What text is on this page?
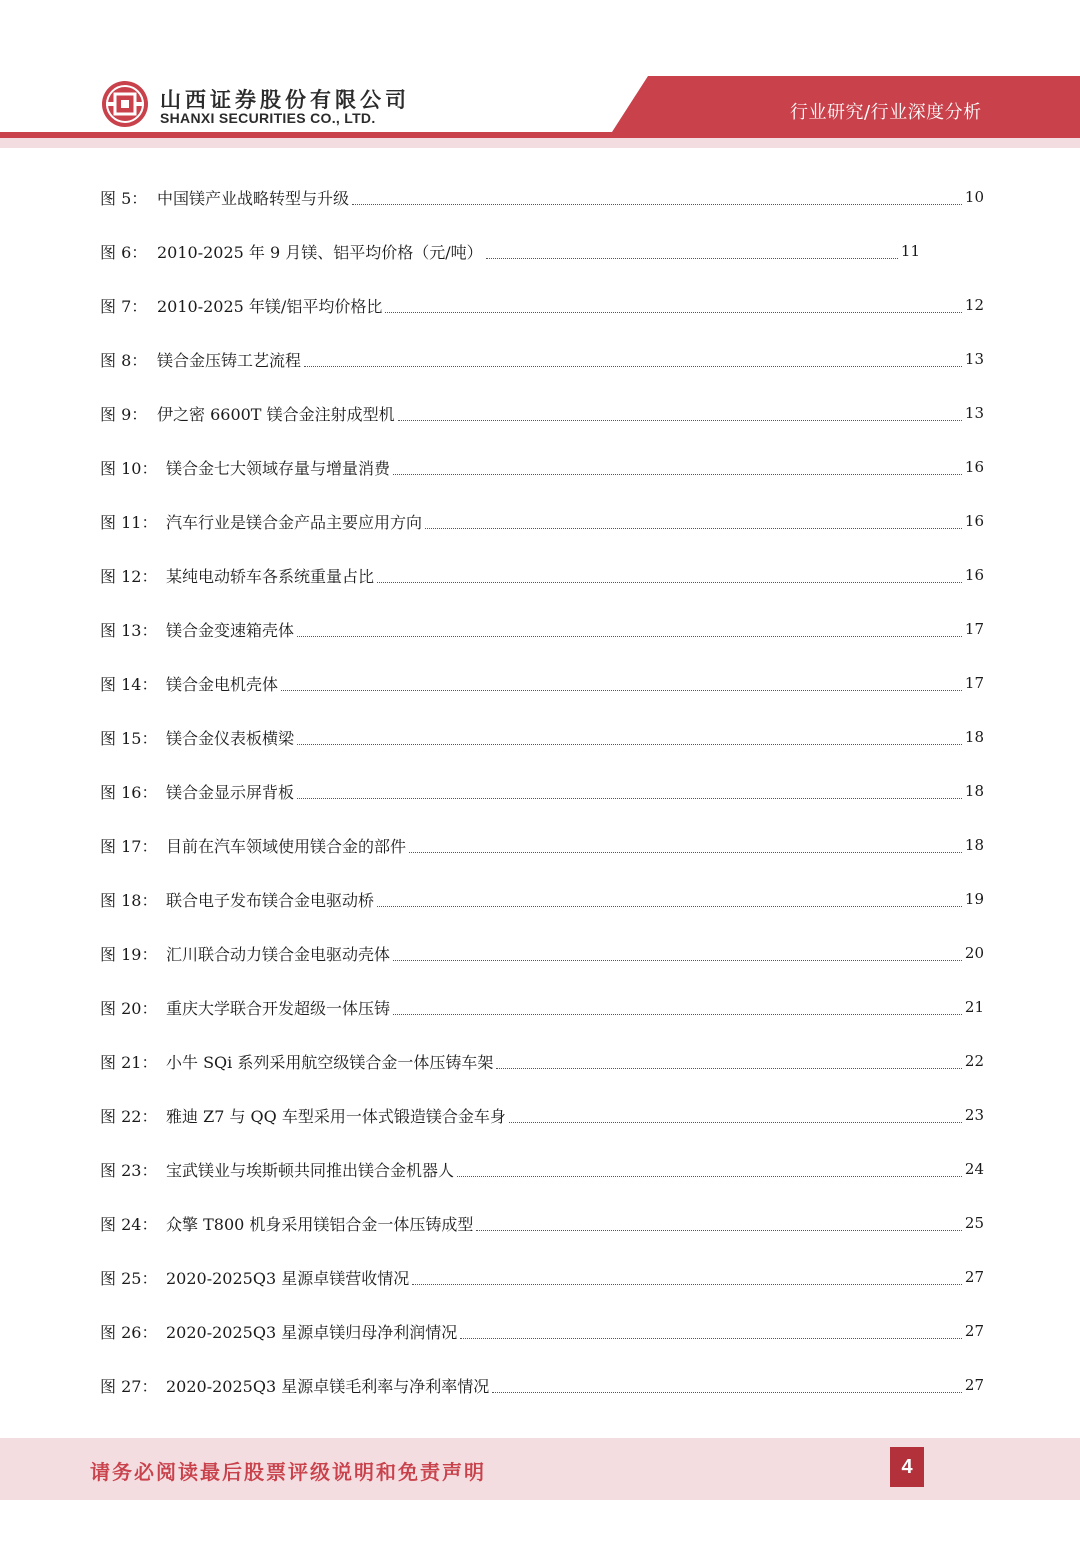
山西证券股份有限公司
SHANXI SECURITIES CO., LTD.	行业研究/行业深度分析
图 5： 中国镁产业战略转型与升级	10
图 6： 2010-2025 年 9 月镁、铝平均价格（元/吨）	11
图 7： 2010-2025 年镁/铝平均价格比	12
图 8： 镁合金压铸工艺流程	13
图 9： 伊之密 6600T 镁合金注射成型机	13
图 10： 镁合金七大领域存量与增量消费	16
图 11： 汽车行业是镁合金产品主要应用方向	16
图 12： 某纯电动轿车各系统重量占比	16
图 13： 镁合金变速箱壳体	17
图 14： 镁合金电机壳体	17
图 15： 镁合金仪表板横梁	18
图 16： 镁合金显示屏背板	18
图 17： 目前在汽车领域使用镁合金的部件	18
图 18： 联合电子发布镁合金电驱动桥	19
图 19： 汇川联合动力镁合金电驱动壳体	20
图 20： 重庆大学联合开发超级一体压铸	21
图 21： 小牛 SQi 系列采用航空级镁合金一体压铸车架	22
图 22： 雅迪 Z7 与 QQ 车型采用一体式锻造镁合金车身	23
图 23： 宝武镁业与埃斯顿共同推出镁合金机器人	24
图 24： 众擎 T800 机身采用镁铝合金一体压铸成型	25
图 25： 2020-2025Q3 星源卓镁营收情况	27
图 26： 2020-2025Q3 星源卓镁归母净利润情况	27
图 27： 2020-2025Q3 星源卓镁毛利率与净利率情况	27
请务必阅读最后股票评级说明和免责声明	4
